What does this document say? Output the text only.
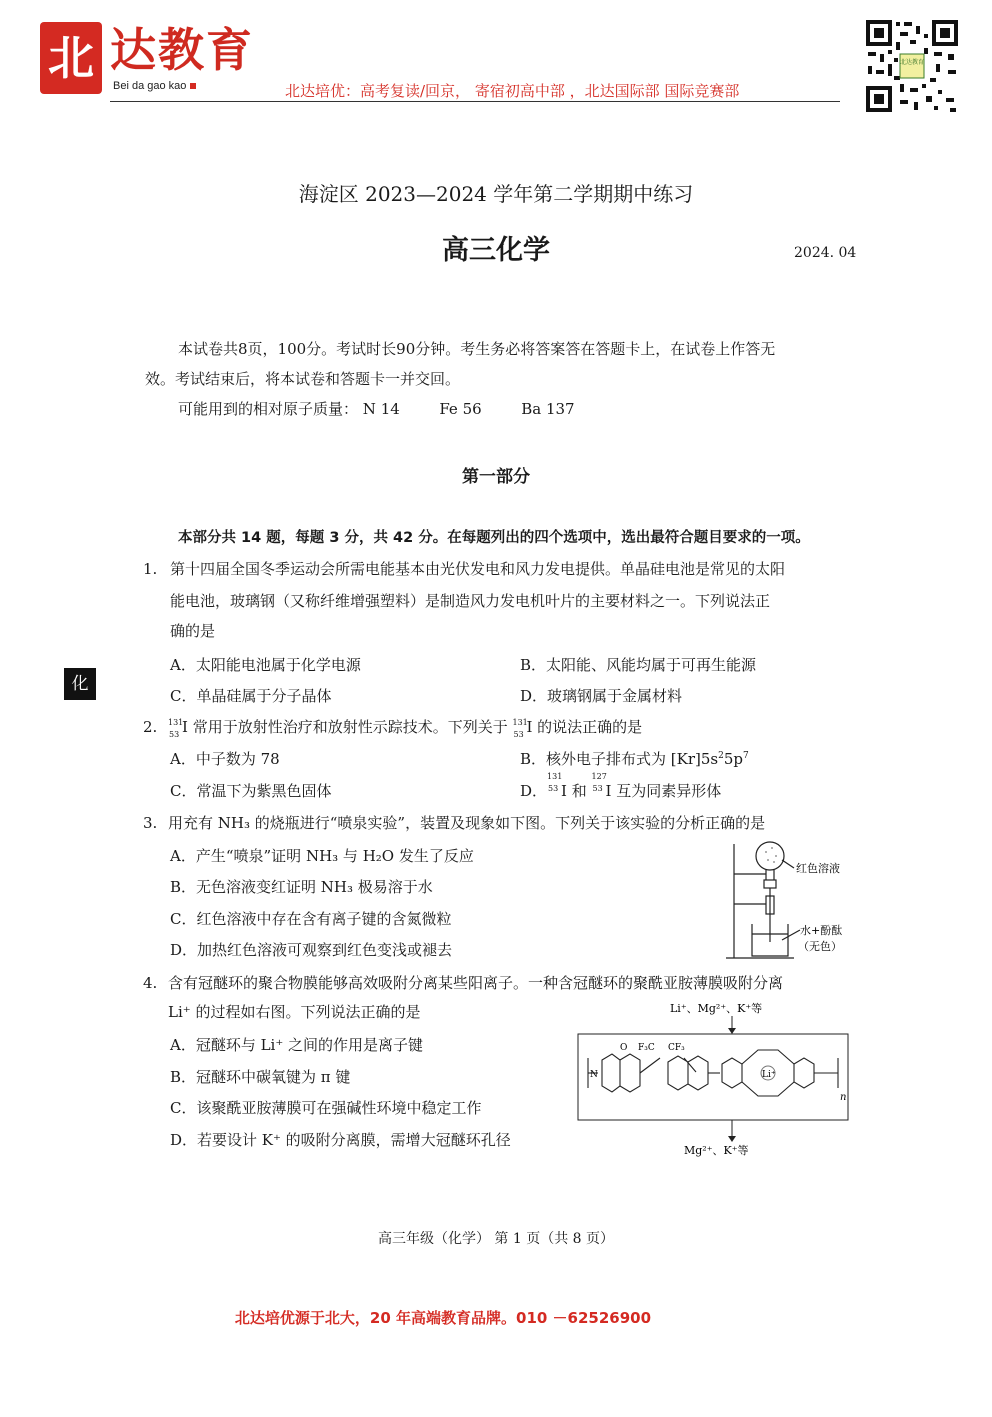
北 达教育
Bei da gao kao	北达培优：高考复读/回京， 寄宿初高中部 ，北达国际部 国际竞赛部
北达教育
海淀区 2023—2024 学年第二学期期中练习
高三化学	2024. 04
本试卷共8页，100分。考试时长90分钟。考生务必将答案答在答题卡上，在试卷上作答无
效。考试结束后，将本试卷和答题卡一并交回。
可能用到的相对原子质量： N 14	Fe 56	Ba 137
第一部分
本部分共 14 题，每题 3 分，共 42 分。在每题列出的四个选项中，选出最符合题目要求的一项。
化
1. 第十四届全国冬季运动会所需电能基本由光伏发电和风力发电提供。单晶硅电池是常见的太阳
能电池，玻璃钢（又称纤维增强塑料）是制造风力发电机叶片的主要材料之一。下列说法正
确的是
A．太阳能电池属于化学电源	B．太阳能、风能均属于可再生能源
C．单晶硅属于分子晶体	D．玻璃钢属于金属材料
2. 131
53 I 常用于放射性治疗和放射性示踪技术。下列关于 131
53 I 的说法正确的是
A．中子数为 78	B．核外电子排布式为 $[Kr]5s^25p^7$
C．常温下为紫黑色固体	D．
131
53 I 和
127
53 I 互为同素异形体
3. 用充有 NH₃ 的烧瓶进行“喷泉实验”，装置及现象如下图。下列关于该实验的分析正确的是
A．产生“喷泉”证明 NH₃ 与 H₂O 发生了反应
B．无色溶液变红证明 NH₃ 极易溶于水
C．红色溶液中存在含有离子键的含氮微粒
D．加热红色溶液可观察到红色变浅或褪去
红色溶液
水+酚酞
（无色）
4. 含有冠醚环的聚合物膜能够高效吸附分离某些阳离子。一种含冠醚环的聚酰亚胺薄膜吸附分离
Li⁺ 的过程如右图。下列说法正确的是
A．冠醚环与 Li⁺ 之间的作用是离子键
B．冠醚环中碳氧键为 π 键
C．该聚酰亚胺薄膜可在强碱性环境中稳定工作
D．若要设计 K⁺ 的吸附分离膜，需增大冠醚环孔径
Li⁺、Mg²⁺、K⁺等
Li⁺
O
N
F₃C CF₃
n
Mg²⁺、K⁺等
高三年级（化学） 第 1 页（共 8 页）
北达培优源于北大，20 年高端教育品牌。010 －62526900
